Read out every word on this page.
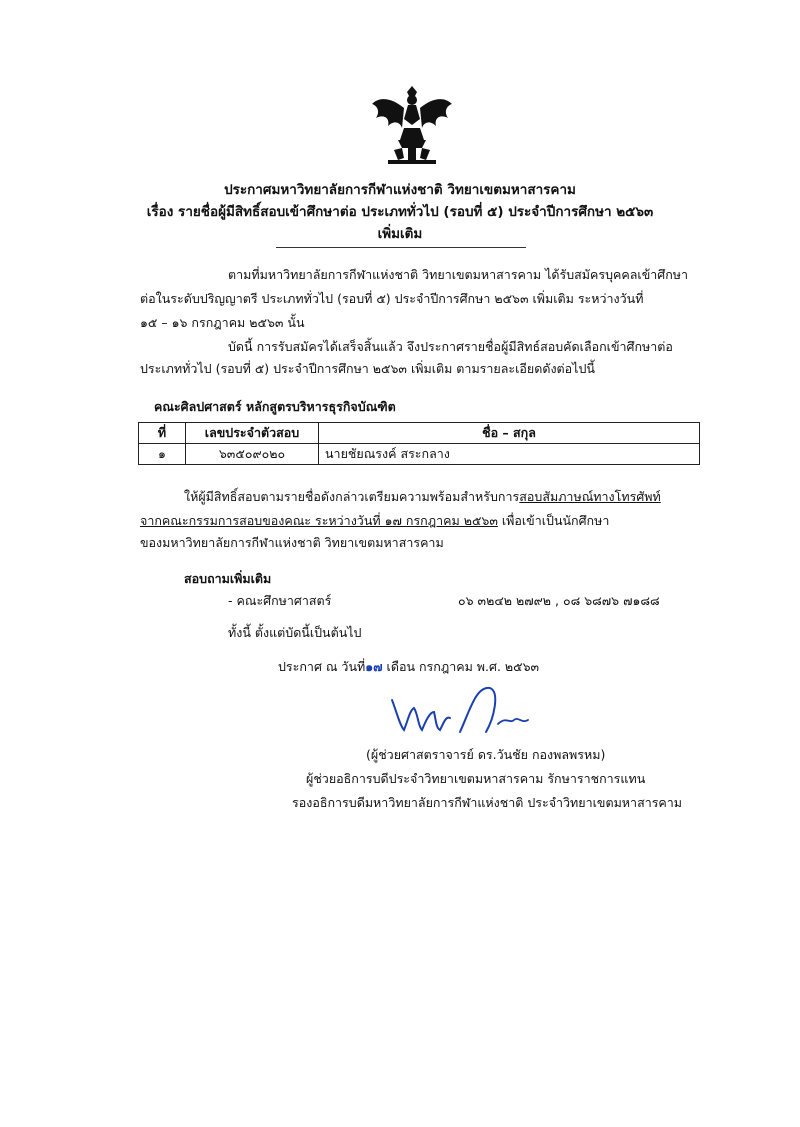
ประกาศมหาวิทยาลัยการกีฬาแห่งชาติ วิทยาเขตมหาสารคาม
เรื่อง รายชื่อผู้มีสิทธิ์สอบเข้าศึกษาต่อ ประเภททั่วไป (รอบที่ ๕) ประจำปีการศึกษา ๒๕๖๓
เพิ่มเติม
ตามที่มหาวิทยาลัยการกีฬาแห่งชาติ วิทยาเขตมหาสารคาม ได้รับสมัครบุคคลเข้าศึกษา
ต่อในระดับปริญญาตรี ประเภททั่วไป (รอบที่ ๕) ประจำปีการศึกษา ๒๕๖๓ เพิ่มเติม ระหว่างวันที่
๑๕ – ๑๖ กรกฎาคม ๒๕๖๓ นั้น
บัดนี้ การรับสมัครได้เสร็จสิ้นแล้ว จึงประกาศรายชื่อผู้มีสิทธ์สอบคัดเลือกเข้าศึกษาต่อ
ประเภททั่วไป (รอบที่ ๕) ประจำปีการศึกษา ๒๕๖๓ เพิ่มเติม ตามรายละเอียดดังต่อไปนี้
คณะศิลปศาสตร์ หลักสูตรบริหารธุรกิจบัณฑิต
ที่	เลขประจำตัวสอบ	ชื่อ – สกุล
๑	๖๓๕๐๙๐๒๐	นายชัยณรงค์ สระกลาง
ให้ผู้มีสิทธิ์สอบตามรายชื่อดังกล่าวเตรียมความพร้อมสำหรับการสอบสัมภาษณ์ทางโทรศัพท์
จากคณะกรรมการสอบของคณะ ระหว่างวันที่ ๑๗ กรกฎาคม ๒๕๖๓ เพื่อเข้าเป็นนักศึกษา
ของมหาวิทยาลัยการกีฬาแห่งชาติ วิทยาเขตมหาสารคาม
สอบถามเพิ่มเติม
- คณะศึกษาศาสตร์	๐๖ ๓๒๔๒ ๒๗๙๒ , ๐๘ ๖๘๗๖ ๗๑๘๘
ทั้งนี้ ตั้งแต่บัดนี้เป็นต้นไป
ประกาศ ณ วันที่๑๗ เดือน กรกฎาคม พ.ศ. ๒๕๖๓
(ผู้ช่วยศาสตราจารย์ ดร.วันชัย กองพลพรหม)
ผู้ช่วยอธิการบดีประจำวิทยาเขตมหาสารคาม รักษาราชการแทน
รองอธิการบดีมหาวิทยาลัยการกีฬาแห่งชาติ ประจำวิทยาเขตมหาสารคาม
